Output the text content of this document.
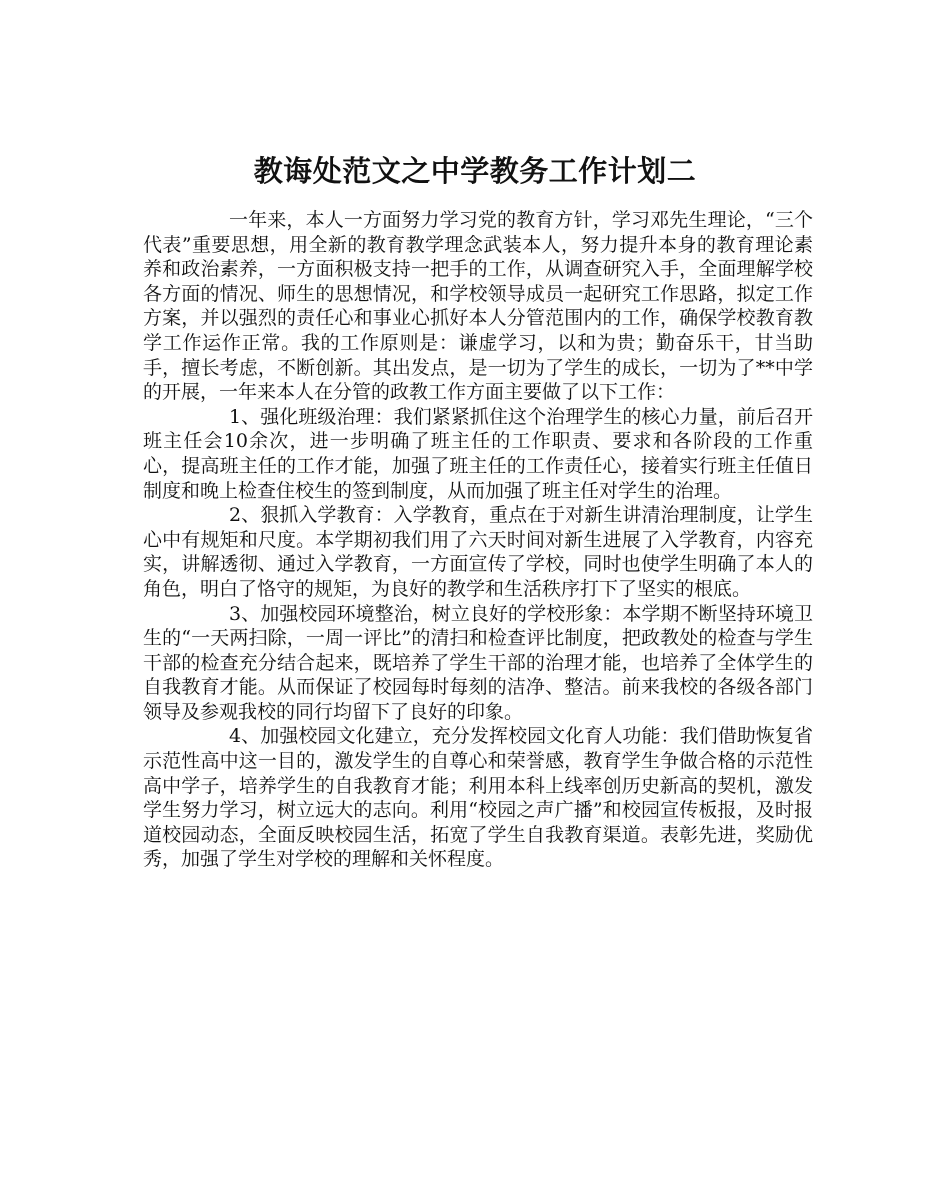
教诲处范文之中学教务工作计划二

一年来，本人一方面努力学习党的教育方针，学习邓先生理论，“三个代表”重要思想，用全新的教育教学理念武装本人，努力提升本身的教育理论素养和政治素养，一方面积极支持一把手的工作，从调查研究入手，全面理解学校各方面的情况、师生的思想情况，和学校领导成员一起研究工作思路，拟定工作方案，并以强烈的责任心和事业心抓好本人分管范围内的工作，确保学校教育教学工作运作正常。我的工作原则是：谦虚学习，以和为贵；勤奋乐干，甘当助手，擅长考虑，不断创新。其出发点，是一切为了学生的成长，一切为了**中学的开展，一年来本人在分管的政教工作方面主要做了以下工作：

1、强化班级治理：我们紧紧抓住这个治理学生的核心力量，前后召开班主任会10余次，进一步明确了班主任的工作职责、要求和各阶段的工作重心，提高班主任的工作才能，加强了班主任的工作责任心，接着实行班主任值日制度和晚上检查住校生的签到制度，从而加强了班主任对学生的治理。

2、狠抓入学教育：入学教育，重点在于对新生讲清治理制度，让学生心中有规矩和尺度。本学期初我们用了六天时间对新生进展了入学教育，内容充实，讲解透彻、通过入学教育，一方面宣传了学校，同时也使学生明确了本人的角色，明白了恪守的规矩，为良好的教学和生活秩序打下了坚实的根底。

3、加强校园环境整治，树立良好的学校形象：本学期不断坚持环境卫生的“一天两扫除，一周一评比”的清扫和检查评比制度，把政教处的检查与学生干部的检查充分结合起来，既培养了学生干部的治理才能，也培养了全体学生的自我教育才能。从而保证了校园每时每刻的洁净、整洁。前来我校的各级各部门领导及参观我校的同行均留下了良好的印象。

4、加强校园文化建立，充分发挥校园文化育人功能：我们借助恢复省示范性高中这一目的，激发学生的自尊心和荣誉感，教育学生争做合格的示范性高中学子，培养学生的自我教育才能；利用本科上线率创历史新高的契机，激发学生努力学习，树立远大的志向。利用“校园之声广播”和校园宣传板报，及时报道校园动态，全面反映校园生活，拓宽了学生自我教育渠道。表彰先进，奖励优秀，加强了学生对学校的理解和关怀程度。
